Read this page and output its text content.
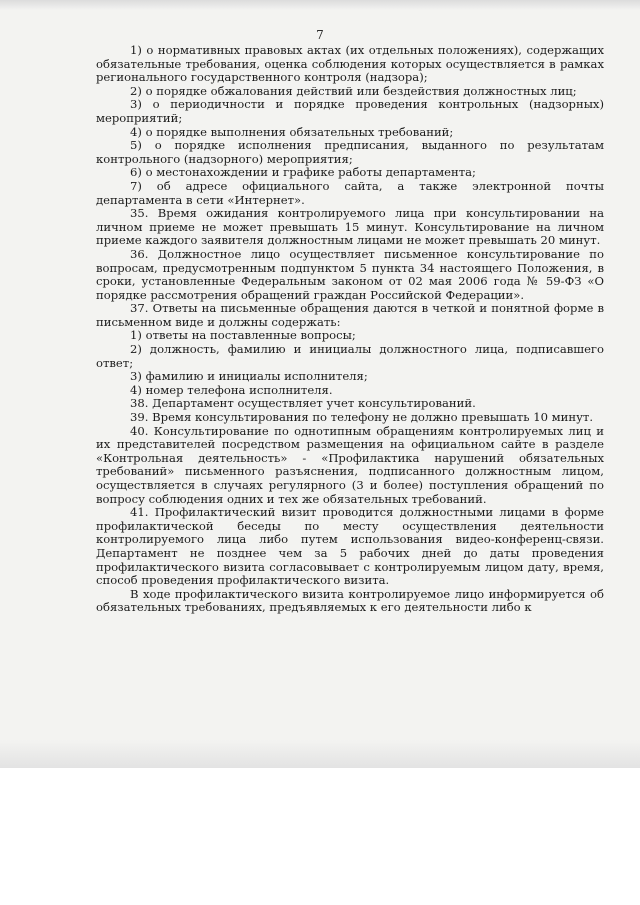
7

1) о нормативных правовых актах (их отдельных положениях), содержащих обязательные требования, оценка соблюдения которых осуществляется в рамках регионального государственного контроля (надзора);

2) о порядке обжалования действий или бездействия должностных лиц;

3) о периодичности и порядке проведения контрольных (надзорных) мероприятий;

4) о порядке выполнения обязательных требований;

5) о порядке исполнения предписания, выданного по результатам контрольного (надзорного) мероприятия;

6) о местонахождении и графике работы департамента;

7) об адресе официального сайта, а также электронной почты департамента в сети «Интернет».

35. Время ожидания контролируемого лица при консультировании на личном приеме не может превышать 15 минут. Консультирование на личном приеме каждого заявителя должностным лицами не может превышать 20 минут.

36. Должностное лицо осуществляет письменное консультирование по вопросам, предусмотренным подпунктом 5 пункта 34 настоящего Положения, в сроки, установленные Федеральным законом от 02 мая 2006 года № 59-ФЗ «О порядке рассмотрения обращений граждан Российской Федерации».

37. Ответы на письменные обращения даются в четкой и понятной форме в письменном виде и должны содержать:

1) ответы на поставленные вопросы;

2) должность, фамилию и инициалы должностного лица, подписавшего ответ;

3) фамилию и инициалы исполнителя;

4) номер телефона исполнителя.

38. Департамент осуществляет учет консультирований.

39. Время консультирования по телефону не должно превышать 10 минут.

40. Консультирование по однотипным обращениям контролируемых лиц и их представителей посредством размещения на официальном сайте в разделе «Контрольная деятельность» - «Профилактика нарушений обязательных требований» письменного разъяснения, подписанного должностным лицом, осуществляется в случаях регулярного (3 и более) поступления обращений по вопросу соблюдения одних и тех же обязательных требований.

41. Профилактический визит проводится должностными лицами в форме профилактической беседы по месту осуществления деятельности контролируемого лица либо путем использования видео-конференц-связи. Департамент не позднее чем за 5 рабочих дней до даты проведения профилактического визита согласовывает с контролируемым лицом дату, время, способ проведения профилактического визита.

В ходе профилактического визита контролируемое лицо информируется об обязательных требованиях, предъявляемых к его деятельности либо к
